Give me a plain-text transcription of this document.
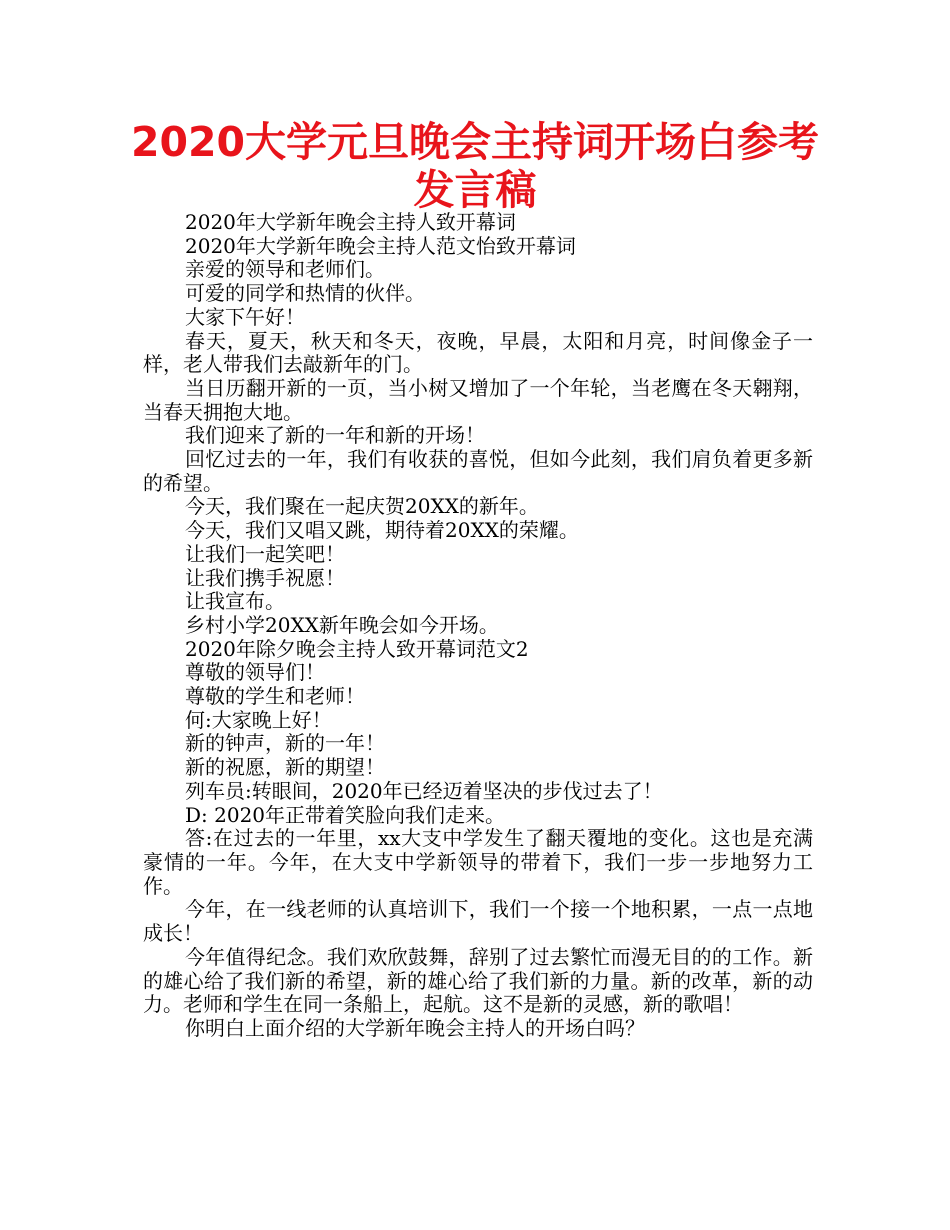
2020大学元旦晚会主持词开场白参考发言稿

2020年大学新年晚会主持人致开幕词

2020年大学新年晚会主持人范文怡致开幕词

亲爱的领导和老师们。

可爱的同学和热情的伙伴。

大家下午好！

春天，夏天，秋天和冬天，夜晚，早晨，太阳和月亮，时间像金子一样，老人带我们去敲新年的门。

当日历翻开新的一页，当小树又增加了一个年轮，当老鹰在冬天翱翔，当春天拥抱大地。

我们迎来了新的一年和新的开场！

回忆过去的一年，我们有收获的喜悦，但如今此刻，我们肩负着更多新的希望。

今天，我们聚在一起庆贺20XX的新年。

今天，我们又唱又跳，期待着20XX的荣耀。

让我们一起笑吧！

让我们携手祝愿！

让我宣布。

乡村小学20XX新年晚会如今开场。

2020年除夕晚会主持人致开幕词范文2

尊敬的领导们！

尊敬的学生和老师！

何:大家晚上好！

新的钟声，新的一年！

新的祝愿，新的期望！

列车员:转眼间，2020年已经迈着坚决的步伐过去了！

D: 2020年正带着笑脸向我们走来。

答:在过去的一年里，xx大支中学发生了翻天覆地的变化。这也是充满豪情的一年。今年，在大支中学新领导的带着下，我们一步一步地努力工作。

今年，在一线老师的认真培训下，我们一个接一个地积累，一点一点地成长！

今年值得纪念。我们欢欣鼓舞，辞别了过去繁忙而漫无目的的工作。新的雄心给了我们新的希望，新的雄心给了我们新的力量。新的改革，新的动力。老师和学生在同一条船上，起航。这不是新的灵感，新的歌唱！

你明白上面介绍的大学新年晚会主持人的开场白吗？
